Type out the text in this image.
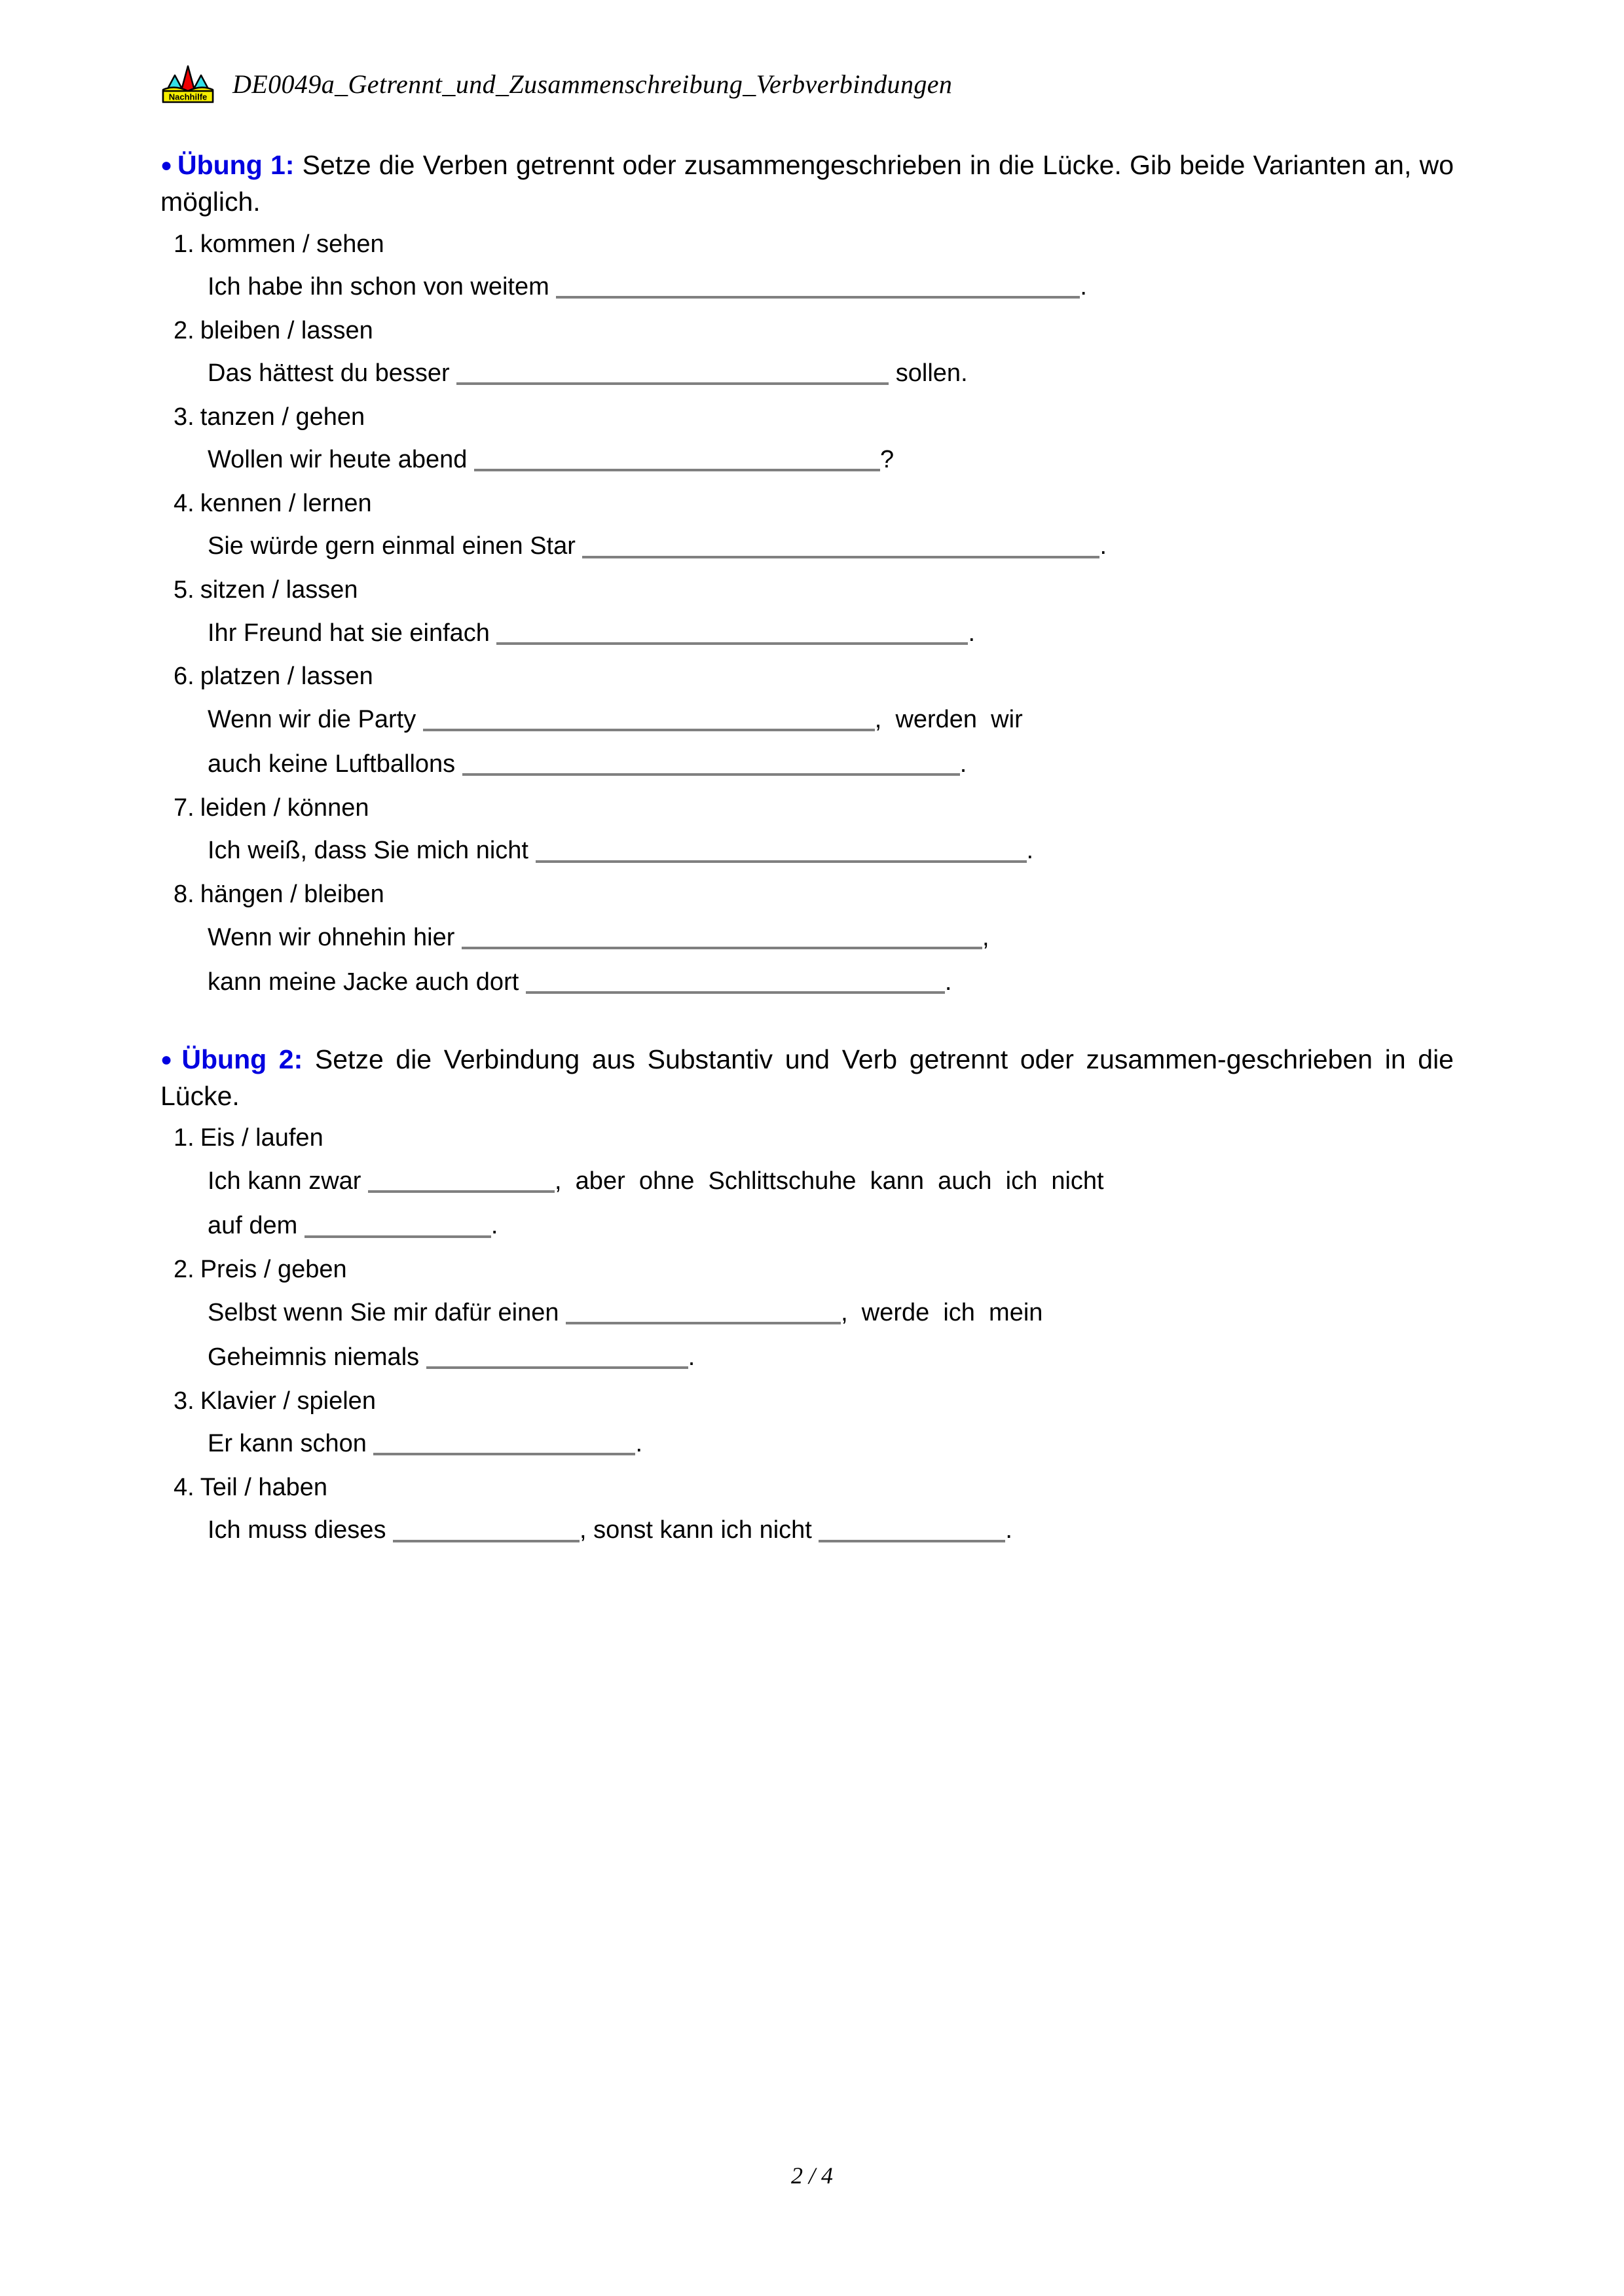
Nachhilfe DE0049a_Getrennt_und_Zusammenschreibung_Verbverbindungen

● Übung 1: Setze die Verben getrennt oder zusammengeschrieben in die Lücke. Gib beide Varianten an, wo möglich.

1. kommen / sehen

Ich habe ihn schon von weitem	.

2. bleiben / lassen

Das hättest du besser	sollen.

3. tanzen / gehen

Wollen wir heute abend	?

4. kennen / lernen

Sie würde gern einmal einen Star	.

5. sitzen / lassen

Ihr Freund hat sie einfach	.

6. platzen / lassen

Wenn wir die Party	,  werden  wir

auch keine Luftballons	.

7. leiden / können

Ich weiß, dass Sie mich nicht	.

8. hängen / bleiben

Wenn wir ohnehin hier	,

kann meine Jacke auch dort	.

● Übung 2: Setze die Verbindung aus Substantiv und Verb getrennt oder zusammen-geschrieben in die Lücke.

1. Eis / laufen

Ich kann zwar	,  aber  ohne  Schlittschuhe  kann  auch  ich  nicht

auf dem	.

2. Preis / geben

Selbst wenn Sie mir dafür einen	,  werde  ich  mein

Geheimnis niemals	.

3. Klavier / spielen

Er kann schon	.

4. Teil / haben

Ich muss dieses	, sonst kann ich nicht	.

2 / 4
